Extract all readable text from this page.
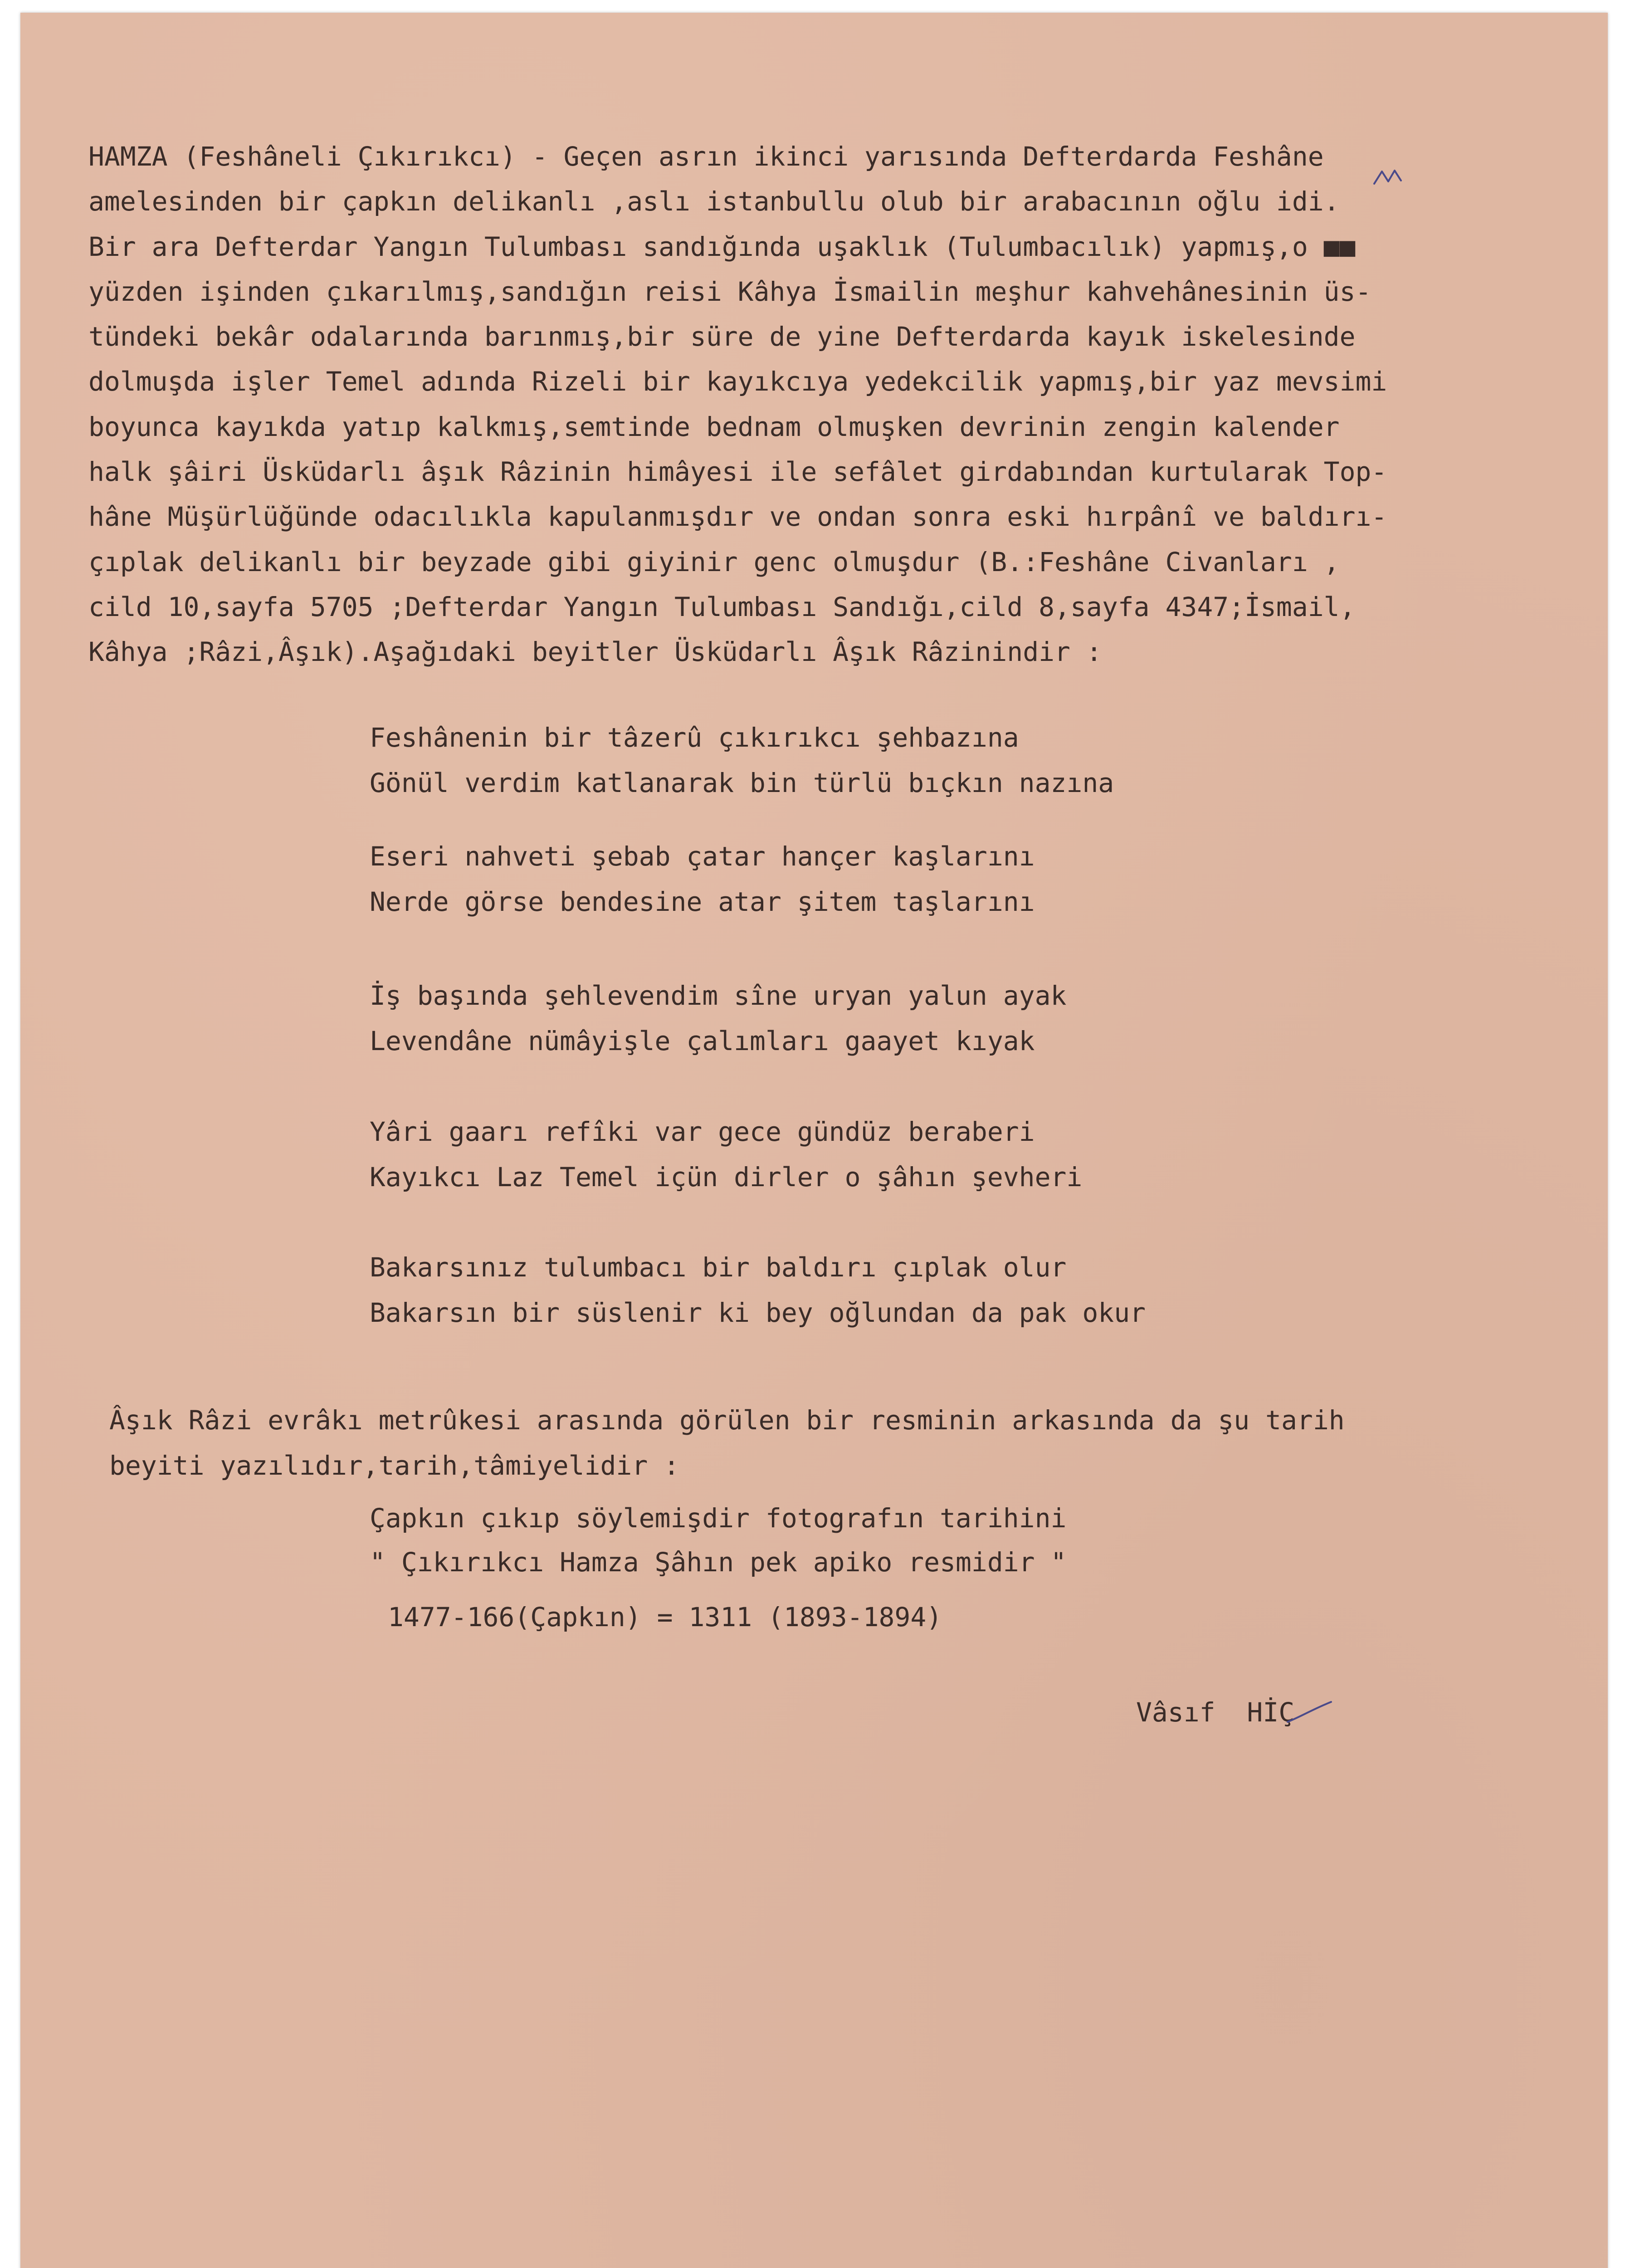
HAMZA (Feshâneli Çıkırıkcı) - Geçen asrın ikinci yarısında Defterdarda Feshâne
amelesinden bir çapkın delikanlı ,aslı istanbullu olub bir arabacının oğlu idi.
Bir ara Defterdar Yangın Tulumbası sandığında uşaklık (Tulumbacılık) yapmış,o ■■
yüzden işinden çıkarılmış,sandığın reisi Kâhya İsmailin meşhur kahvehânesinin üs-
tündeki bekâr odalarında barınmış,bir süre de yine Defterdarda kayık iskelesinde
dolmuşda işler Temel adında Rizeli bir kayıkcıya yedekcilik yapmış,bir yaz mevsimi
boyunca kayıkda yatıp kalkmış,semtinde bednam olmuşken devrinin zengin kalender
halk şâiri Üsküdarlı âşık Râzinin himâyesi ile sefâlet girdabından kurtularak Top-
hâne Müşürlüğünde odacılıkla kapulanmışdır ve ondan sonra eski hırpânî ve baldırı-
çıplak delikanlı bir beyzade gibi giyinir genc olmuşdur (B.:Feshâne Civanları ,
cild 10,sayfa 5705 ;Defterdar Yangın Tulumbası Sandığı,cild 8,sayfa 4347;İsmail,
Kâhya ;Râzi,Âşık).Aşağıdaki beyitler Üsküdarlı Âşık Râzinindir :

Feshânenin bir tâzerû çıkırıkcı şehbazına
Gönül verdim katlanarak bin türlü bıçkın nazına

Eseri nahveti şebab çatar hançer kaşlarını
Nerde görse bendesine atar şitem taşlarını

İş başında şehlevendim sîne uryan yalun ayak
Levendâne nümâyişle çalımları gaayet kıyak

Yâri gaarı refîki var gece gündüz beraberi
Kayıkcı Laz Temel içün dirler o şâhın şevheri

Bakarsınız tulumbacı bir baldırı çıplak olur
Bakarsın bir süslenir ki bey oğlundan da pak okur

Âşık Râzi evrâkı metrûkesi arasında görülen bir resminin arkasında da şu tarih
beyiti yazılıdır,tarih,tâmiyelidir :

Çapkın çıkıp söylemişdir fotografın tarihini
" Çıkırıkcı Hamza Şâhın pek apiko resmidir "

1477-166(Çapkın) = 1311 (1893-1894)

Vâsıf  HİÇ
